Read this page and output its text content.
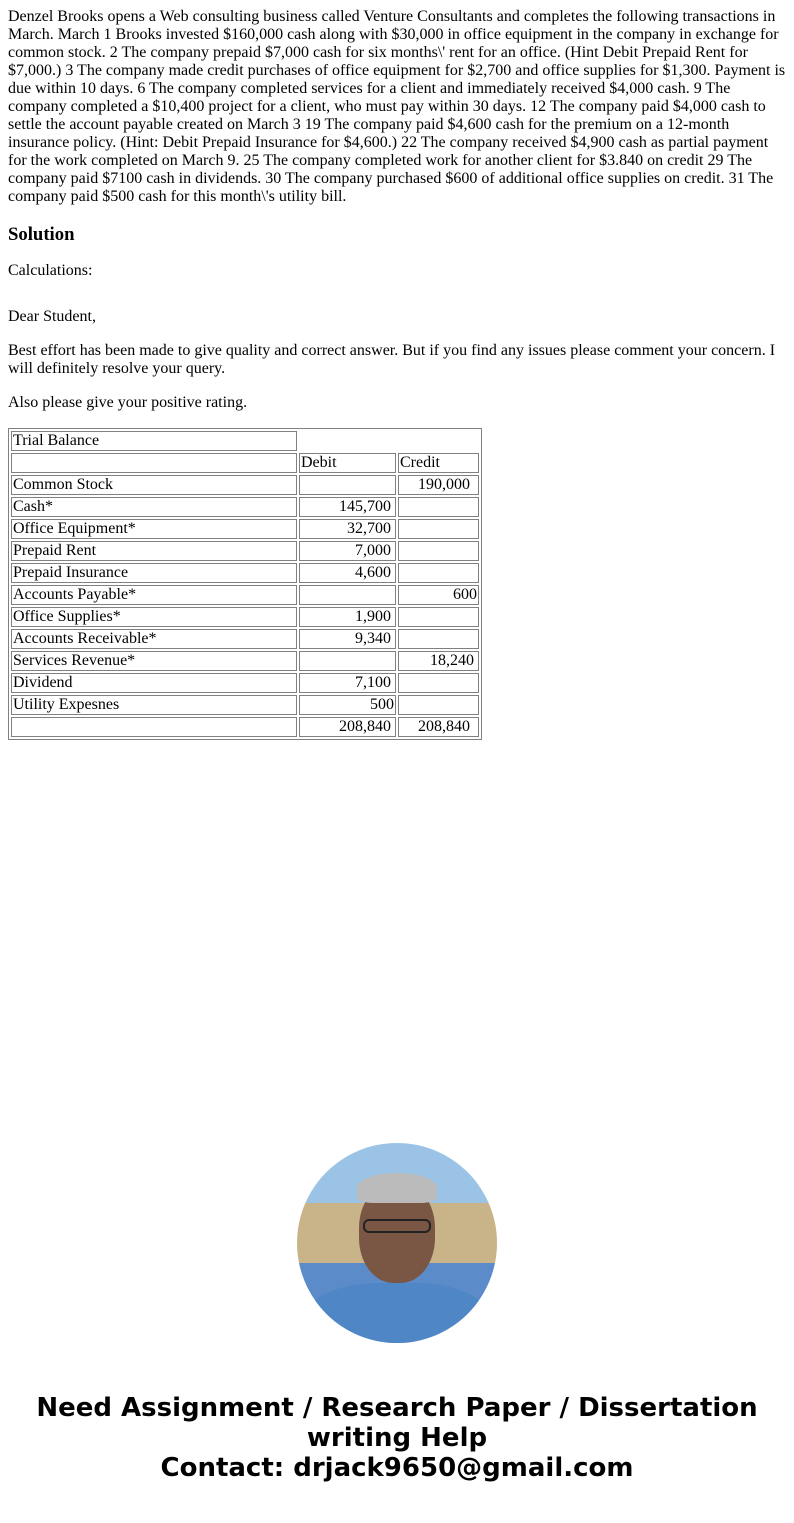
Denzel Brooks opens a Web consulting business called Venture Consultants and completes the following transactions in March. March 1 Brooks invested $160,000 cash along with $30,000 in office equipment in the company in exchange for common stock. 2 The company prepaid $7,000 cash for six months\' rent for an office. (Hint Debit Prepaid Rent for $7,000.) 3 The company made credit purchases of office equipment for $2,700 and office supplies for $1,300. Payment is due within 10 days. 6 The company completed services for a client and immediately received $4,000 cash. 9 The company completed a $10,400 project for a client, who must pay within 30 days. 12 The company paid $4,000 cash to settle the account payable created on March 3 19 The company paid $4,600 cash for the premium on a 12-month insurance policy. (Hint: Debit Prepaid Insurance for $4,600.) 22 The company received $4,900 cash as partial payment for the work completed on March 9. 25 The company completed work for another client for $3.840 on credit 29 The company paid $7100 cash in dividends. 30 The company purchased $600 of additional office supplies on credit. 31 The company paid $500 cash for this month\'s utility bill.

Solution

Calculations:

Dear Student,

Best effort has been made to give quality and correct answer. But if you find any issues please comment your concern. I will definitely resolve your query.

Also please give your positive rating.

Trial Balance		
	Debit	Credit
Common Stock		190,000
Cash*	145,700	
Office Equipment*	32,700	
Prepaid Rent	7,000	
Prepaid Insurance	4,600	
Accounts Payable*		600
Office Supplies*	1,900	
Accounts Receivable*	9,340	
Services Revenue*		18,240
Dividend	7,100	
Utility Expesnes	500	
	208,840	208,840
Need Assignment / Research Paper / Dissertation writing Help
Contact: drjack9650@gmail.com
